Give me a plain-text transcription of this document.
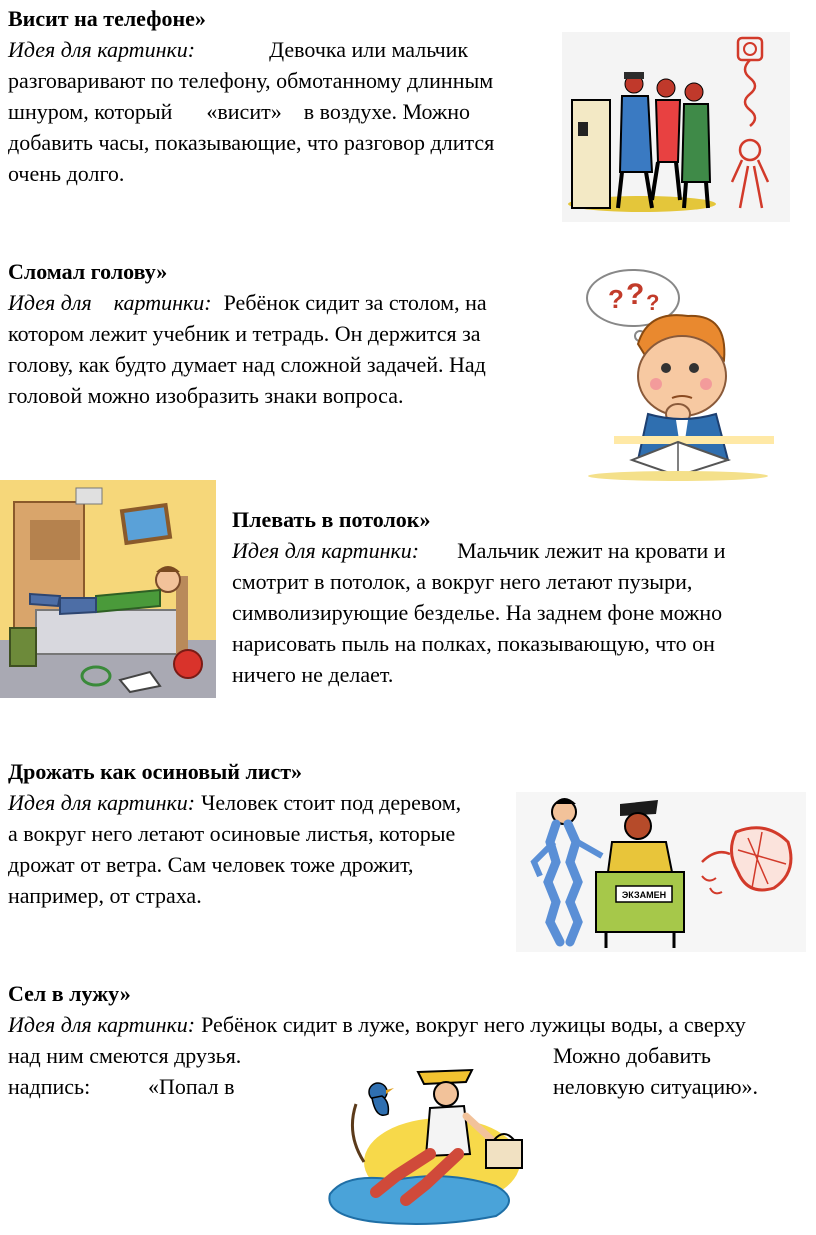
Висит на телефоне»

Идея для картинки:	Девочка или мальчик

разговаривают по телефону, обмотанному длинным

шнуром, который «висит» в воздухе. Можно

добавить часы, показывающие, что разговор длится

очень долго.

Сломал голову»

Идея для картинки: Ребёнок сидит за столом, на

котором лежит учебник и тетрадь. Он держится за

голову, как будто думает над сложной задачей. Над

головой можно изобразить знаки вопроса.

? ? ?

Плевать в потолок»

Идея для картинки: Мальчик лежит на кровати и

смотрит в потолок, а вокруг него летают пузыри,

символизирующие безделье. На заднем фоне можно

нарисовать пыль на полках, показывающую, что он

ничего не делает.

Дрожать как осиновый лист»

Идея для картинки: Человек стоит под деревом,

а вокруг него летают осиновые листья, которые

дрожат от ветра. Сам человек тоже дрожит,

например, от страха.	ЭКЗАМЕН

Сел в лужу»

Идея для картинки: Ребёнок сидит в луже, вокруг него лужицы воды, а сверху

над ним смеются друзья.	Можно добавить

надпись:	«Попал в	неловкую ситуацию».
